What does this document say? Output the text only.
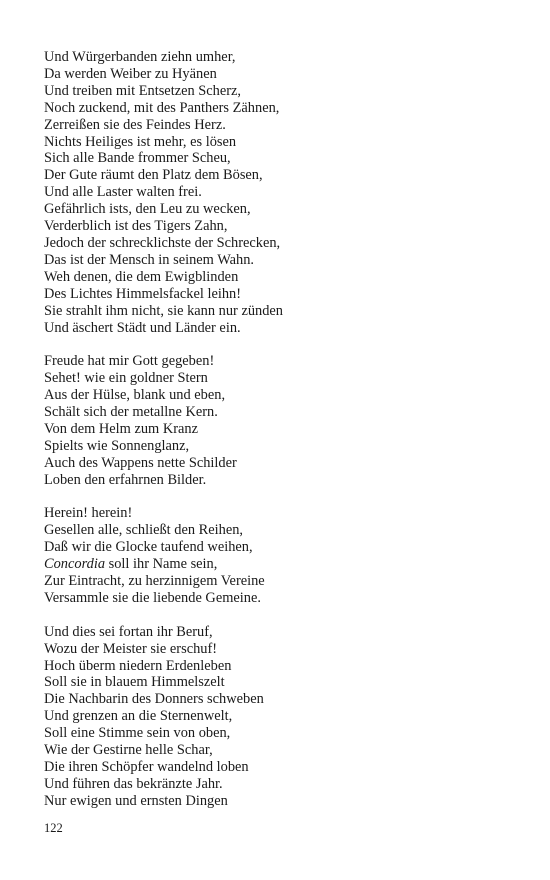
Und Würgerbanden ziehn umher,
Da werden Weiber zu Hyänen
Und treiben mit Entsetzen Scherz,
Noch zuckend, mit des Panthers Zähnen,
Zerreißen sie des Feindes Herz.
Nichts Heiliges ist mehr, es lösen
Sich alle Bande frommer Scheu,
Der Gute räumt den Platz dem Bösen,
Und alle Laster walten frei.
Gefährlich ists, den Leu zu wecken,
Verderblich ist des Tigers Zahn,
Jedoch der schrecklichste der Schrecken,
Das ist der Mensch in seinem Wahn.
Weh denen, die dem Ewigblinden
Des Lichtes Himmelsfackel leihn!
Sie strahlt ihm nicht, sie kann nur zünden
Und äschert Städt und Länder ein.
Freude hat mir Gott gegeben!
Sehet! wie ein goldner Stern
Aus der Hülse, blank und eben,
Schält sich der metallne Kern.
Von dem Helm zum Kranz
Spielts wie Sonnenglanz,
Auch des Wappens nette Schilder
Loben den erfahrnen Bilder.
Herein! herein!
Gesellen alle, schließt den Reihen,
Daß wir die Glocke taufend weihen,
Concordia soll ihr Name sein,
Zur Eintracht, zu herzinnigem Vereine
Versammle sie die liebende Gemeine.
Und dies sei fortan ihr Beruf,
Wozu der Meister sie erschuf!
Hoch überm niedern Erdenleben
Soll sie in blauem Himmelszelt
Die Nachbarin des Donners schweben
Und grenzen an die Sternenwelt,
Soll eine Stimme sein von oben,
Wie der Gestirne helle Schar,
Die ihren Schöpfer wandelnd loben
Und führen das bekränzte Jahr.
Nur ewigen und ernsten Dingen
122
